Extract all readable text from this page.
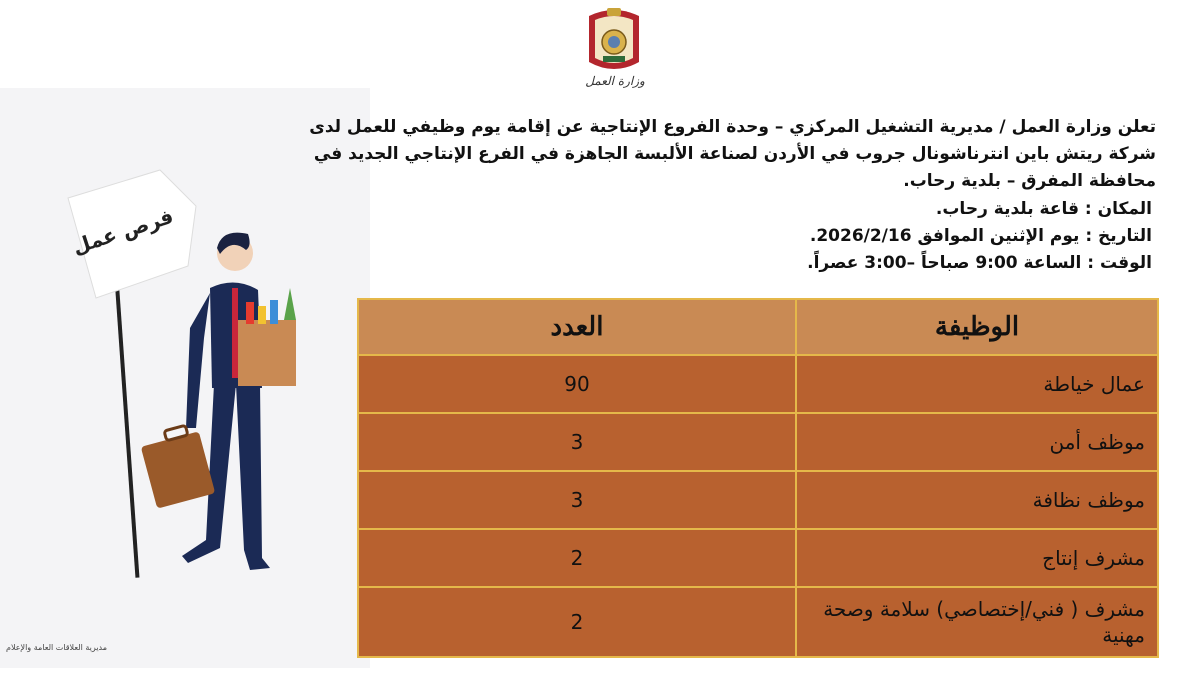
وزارة العمل
فرص عمل
مديرية العلاقات العامة والإعلام
تعلن وزارة العمل / مديرية التشغيل المركزي – وحدة الفروع الإنتاجية عن إقامة يوم وظيفي للعمل لدى شركة ريتش باين انترناشونال جروب في الأردن لصناعة الألبسة الجاهزة في الفرع الإنتاجي الجديد في محافظة المفرق – بلدية رحاب.
المكان : قاعة بلدية رحاب.
التاريخ : يوم الإثنين الموافق 2026/2/16.
الوقت : الساعة 9:00 صباحاً –3:00 عصراً.
الوظيفة	العدد
عمال خياطة	90
موظف أمن	3
موظف نظافة	3
مشرف إنتاج	2
مشرف ( فني/إختصاصي) سلامة وصحة مهنية	2
